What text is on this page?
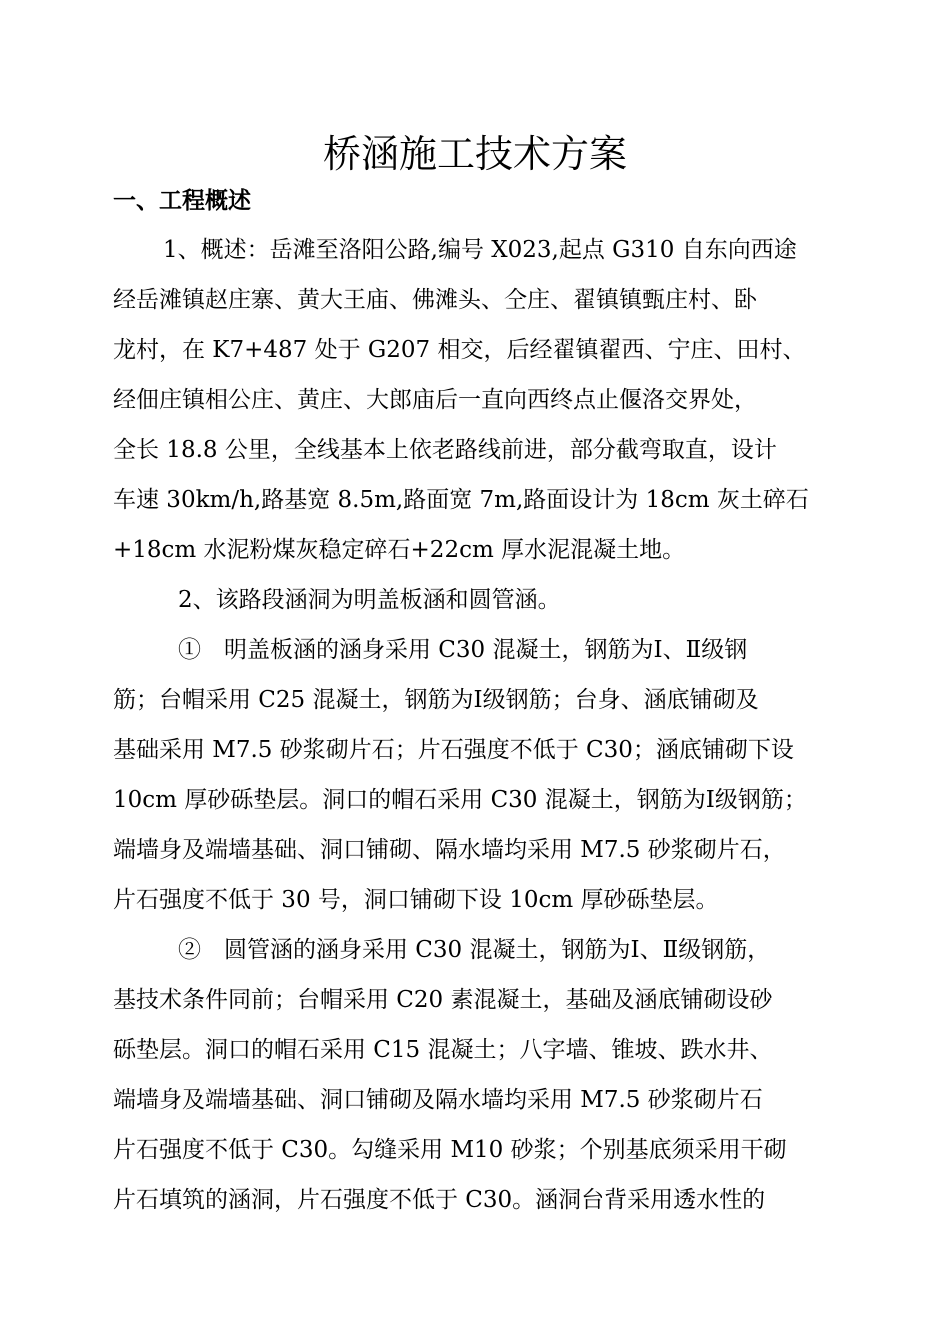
桥涵施工技术方案
一、工程概述
1、概述：岳滩至洛阳公路,编号 X023,起点 G310 自东向西途
经岳滩镇赵庄寨、黄大王庙、佛滩头、仝庄、翟镇镇甄庄村、卧
龙村，在 K7+487 处于 G207 相交，后经翟镇翟西、宁庄、田村、
经佃庄镇相公庄、黄庄、大郎庙后一直向西终点止偃洛交界处，
全长 18.8 公里，全线基本上依老路线前进，部分截弯取直，设计
车速 30km/h,路基宽 8.5m,路面宽 7m,路面设计为 18cm 灰土碎石
+18cm 水泥粉煤灰稳定碎石+22cm 厚水泥混凝土地。
2、该路段涵洞为明盖板涵和圆管涵。
①　明盖板涵的涵身采用 C30 混凝土，钢筋为Ⅰ、Ⅱ级钢
筋；台帽采用 C25 混凝土，钢筋为Ⅰ级钢筋；台身、涵底铺砌及
基础采用 M7.5 砂浆砌片石；片石强度不低于 C30；涵底铺砌下设
10cm 厚砂砾垫层。洞口的帽石采用 C30 混凝土，钢筋为Ⅰ级钢筋；
端墙身及端墙基础、洞口铺砌、隔水墙均采用 M7.5 砂浆砌片石，
片石强度不低于 30 号，洞口铺砌下设 10cm 厚砂砾垫层。
②　圆管涵的涵身采用 C30 混凝土，钢筋为Ⅰ、Ⅱ级钢筋，
基技术条件同前；台帽采用 C20 素混凝土，基础及涵底铺砌设砂
砾垫层。洞口的帽石采用 C15 混凝土；八字墙、锥坡、跌水井、
端墙身及端墙基础、洞口铺砌及隔水墙均采用 M7.5 砂浆砌片石
片石强度不低于 C30。勾缝采用 M10 砂浆；个别基底须采用干砌
片石填筑的涵洞，片石强度不低于 C30。涵洞台背采用透水性的
